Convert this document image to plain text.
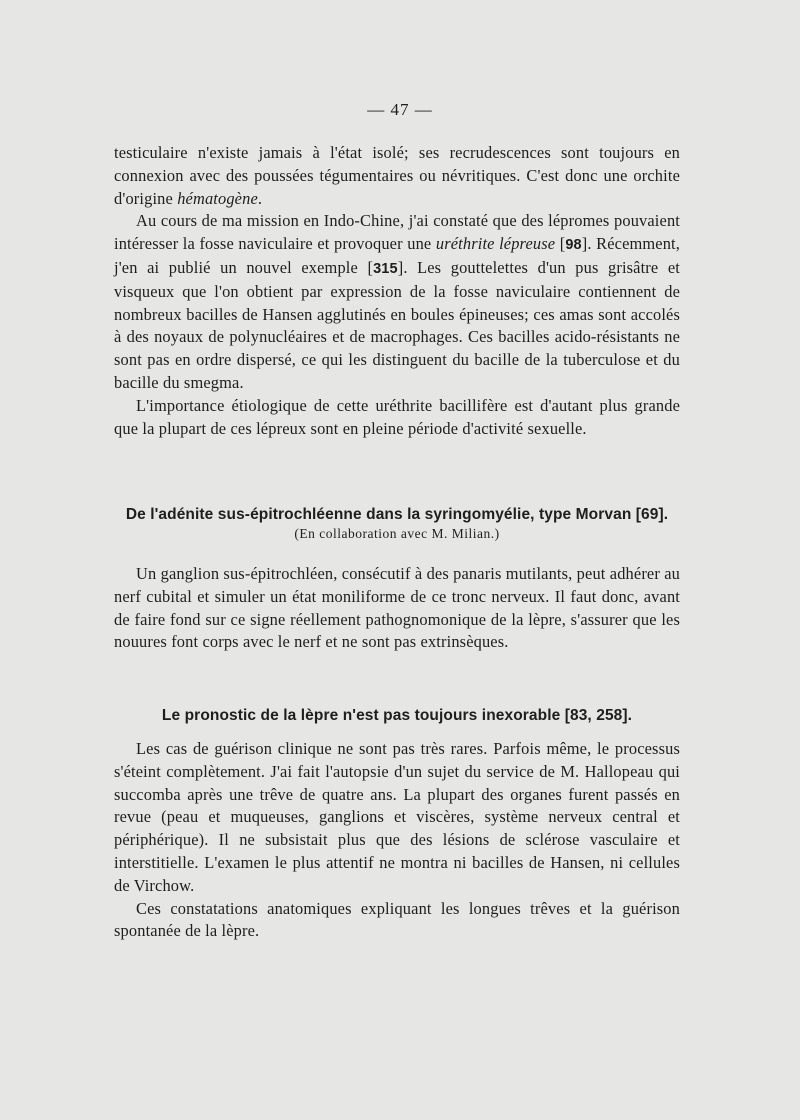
— 47 —

testiculaire n'existe jamais à l'état isolé; ses recrudescences sont toujours en connexion avec des poussées tégumentaires ou névritiques. C'est donc une orchite d'origine hématogène.

Au cours de ma mission en Indo-Chine, j'ai constaté que des lépromes pouvaient intéresser la fosse naviculaire et provoquer une uréthrite lépreuse [98]. Récemment, j'en ai publié un nouvel exemple [315]. Les gouttelettes d'un pus grisâtre et visqueux que l'on obtient par expression de la fosse naviculaire contiennent de nombreux bacilles de Hansen agglutinés en boules épineuses; ces amas sont accolés à des noyaux de polynucléaires et de macrophages. Ces bacilles acido-résistants ne sont pas en ordre dispersé, ce qui les distinguent du bacille de la tuberculose et du bacille du smegma.

L'importance étiologique de cette uréthrite bacillifère est d'autant plus grande que la plupart de ces lépreux sont en pleine période d'activité sexuelle.

De l'adénite sus-épitrochléenne dans la syringomyélie, type Morvan [69].
(En collaboration avec M. Milian.)

Un ganglion sus-épitrochléen, consécutif à des panaris mutilants, peut adhérer au nerf cubital et simuler un état moniliforme de ce tronc nerveux. Il faut donc, avant de faire fond sur ce signe réellement pathognomonique de la lèpre, s'assurer que les nouures font corps avec le nerf et ne sont pas extrinsèques.

Le pronostic de la lèpre n'est pas toujours inexorable [83, 258].

Les cas de guérison clinique ne sont pas très rares. Parfois même, le processus s'éteint complètement. J'ai fait l'autopsie d'un sujet du service de M. Hallopeau qui succomba après une trêve de quatre ans. La plupart des organes furent passés en revue (peau et muqueuses, ganglions et viscères, système nerveux central et périphérique). Il ne subsistait plus que des lésions de sclérose vasculaire et interstitielle. L'examen le plus attentif ne montra ni bacilles de Hansen, ni cellules de Virchow.

Ces constatations anatomiques expliquant les longues trêves et la guérison spontanée de la lèpre.
